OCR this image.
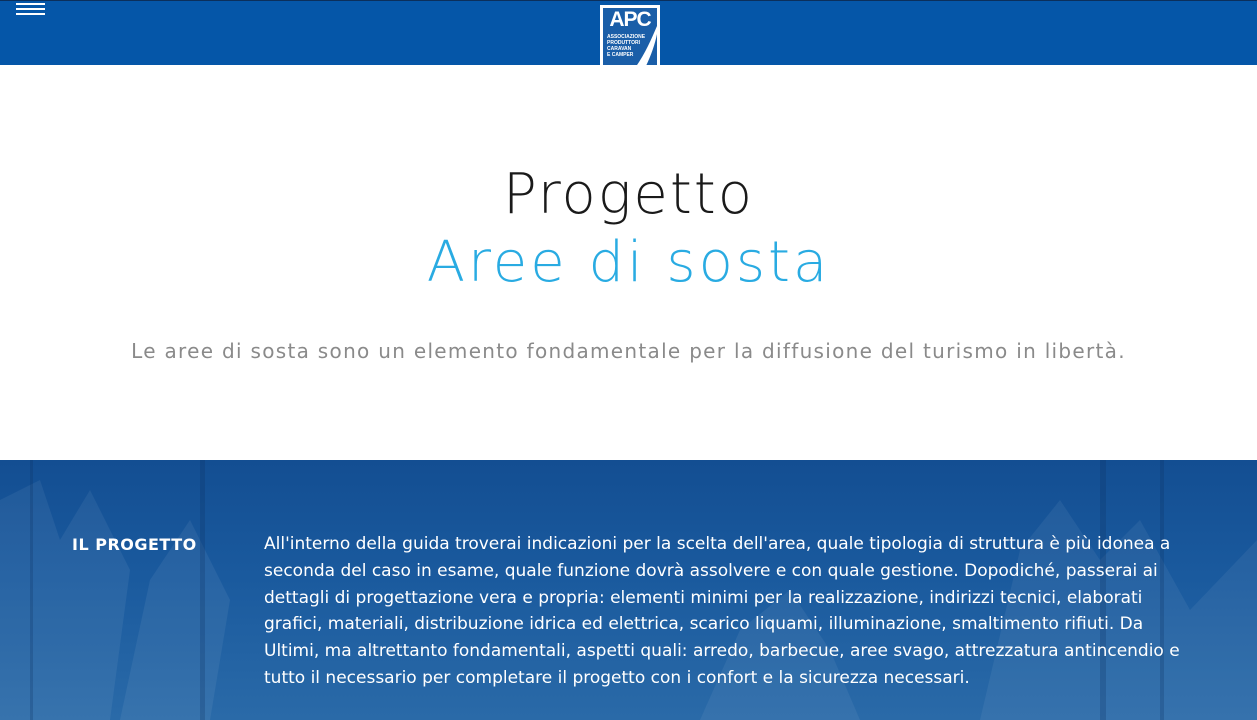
APC
ASSOCIAZIONE
PRODUTTORI
CARAVAN
E CAMPER
Progetto
Aree di sosta

Le aree di sosta sono un elemento fondamentale per la diffusione del turismo in libertà.

IL PROGETTO	All'interno della guida troverai indicazioni per la scelta dell'area, quale tipologia di struttura è più idonea a seconda del caso in esame, quale funzione dovrà assolvere e con quale gestione. Dopodiché, passerai ai dettagli di progettazione vera e propria: elementi minimi per la realizzazione, indirizzi tecnici, elaborati grafici, materiali, distribuzione idrica ed elettrica, scarico liquami, illuminazione, smaltimento rifiuti. Da Ultimi, ma altrettanto fondamentali, aspetti quali: arredo, barbecue, aree svago, attrezzatura antincendio e tutto il necessario per completare il progetto con i confort e la sicurezza necessari.
